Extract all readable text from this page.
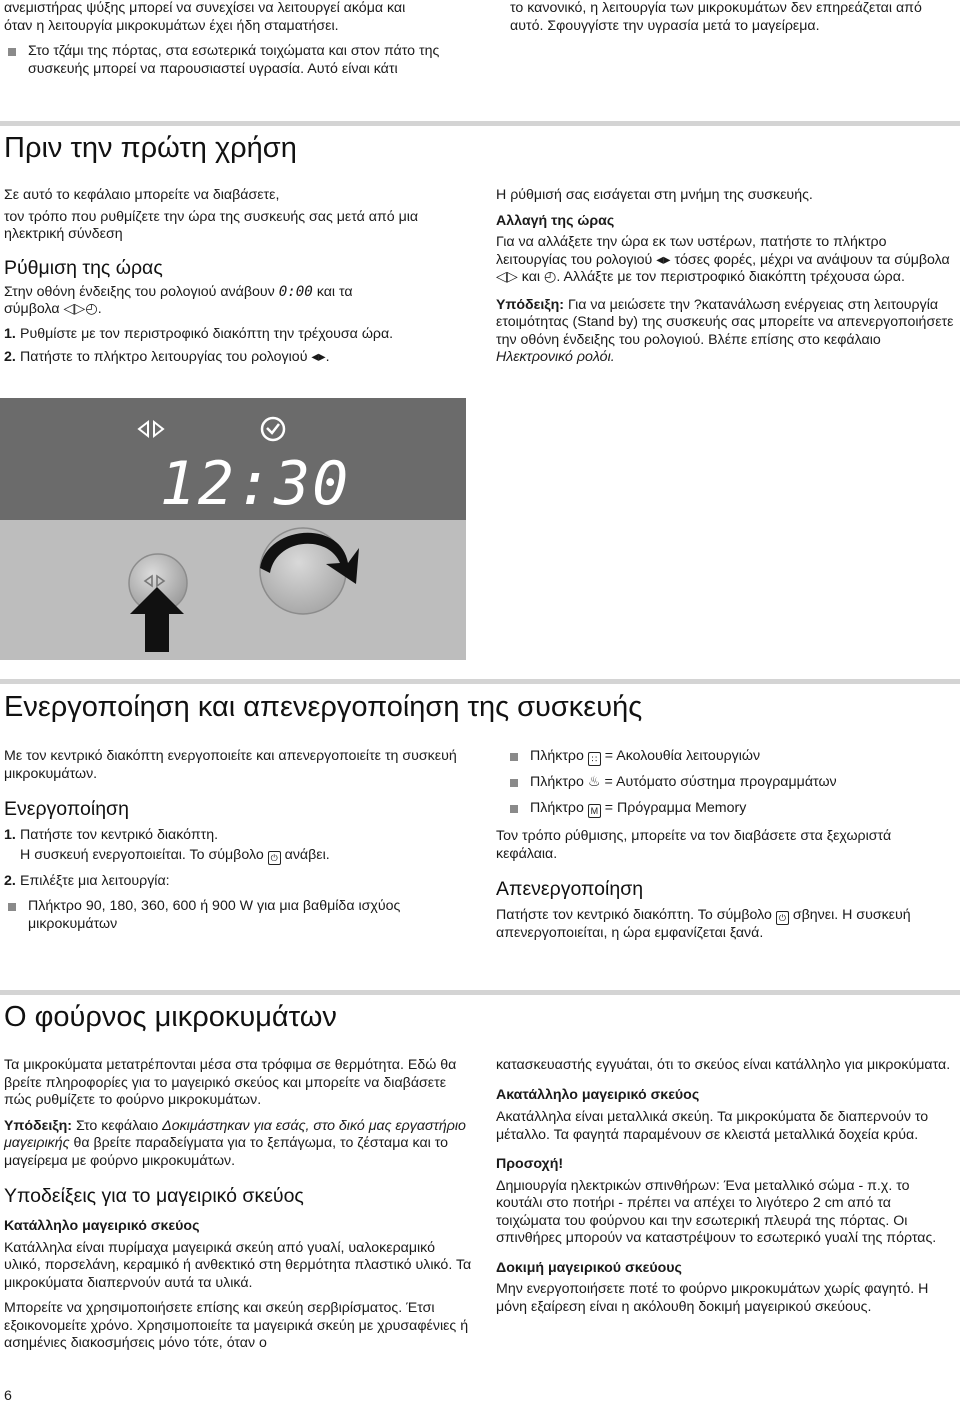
ανεμιστήρας ψύξης μπορεί να συνεχίσει να λειτουργεί ακόμα και

όταν η λειτουργία μικροκυμάτων έχει ήδη σταματήσει.

Στο τζάμι της πόρτας, στα εσωτερικά τοιχώματα και στον πάτο της συσκευής μπορεί να παρουσιαστεί υγρασία. Αυτό είναι κάτι

το κανονικό, η λειτουργία των μικροκυμάτων δεν επηρεάζεται από αυτό. Σφουγγίστε την υγρασία μετά το μαγείρεμα.

Πριν την πρώτη χρήση

Σε αυτό το κεφάλαιο μπορείτε να διαβάσετε,

τον τρόπο που ρυθμίζετε την ώρα της συσκευής σας μετά από μια ηλεκτρική σύνδεση

Ρύθμιση της ώρας

Στην οθόνη ένδειξης του ρολογιού ανάβουν 0:00 και τα
σύμβολα ◁▷◴.

1. Ρυθμίστε με τον περιστροφικό διακόπτη την τρέχουσα ώρα.

2. Πατήστε το πλήκτρο λειτουργίας του ρολογιού ◂▸.

Η ρύθμισή σας εισάγεται στη μνήμη της συσκευής.

Αλλαγή της ώρας

Για να αλλάξετε την ώρα εκ των υστέρων, πατήστε το πλήκτρο λειτουργίας του ρολογιού ◂▸ τόσες φορές, μέχρι να ανάψουν τα σύμβολα ◁▷ και ◴. Αλλάξτε με τον περιστροφικό διακόπτη τρέχουσα ώρα.

Υπόδειξη: Για να μειώσετε την ?κατανάλωση ενέργειας στη λειτουργία ετοιμότητας (Stand by) της συσκευής σας μπορείτε να απενεργοποιήσετε την οθόνη ένδειξης του ρολογιού. Βλέπε επίσης στο κεφάλαιο Ηλεκτρονικό ρολόι.

12:30
Ενεργοποίηση και απενεργοποίηση της συσκευής

Με τον κεντρικό διακόπτη ενεργοποιείτε και απενεργοποιείτε τη συσκευή μικροκυμάτων.

Ενεργοποίηση

1. Πατήστε τον κεντρικό διακόπτη.

Η συσκευή ενεργοποιείται. Το σύμβολο ⏻ ανάβει.

2. Επιλέξτε μια λειτουργία:

Πλήκτρο 90, 180, 360, 600 ή 900 W για μια βαθμίδα ισχύος μικροκυμάτων

Πλήκτρο ∷ = Ακολουθία λειτουργιών

Πλήκτρο ♨ = Αυτόματο σύστημα προγραμμάτων

Πλήκτρο M = Πρόγραμμα Memory

Τον τρόπο ρύθμισης, μπορείτε να τον διαβάσετε στα ξεχωριστά κεφάλαια.

Απενεργοποίηση

Πατήστε τον κεντρικό διακόπτη. Το σύμβολο ⏻ σβηνει. Η συσκευή απενεργοποιείται, η ώρα εμφανίζεται ξανά.

Ο φούρνος μικροκυμάτων

Τα μικροκύματα μετατρέπονται μέσα στα τρόφιμα σε θερμότητα. Εδώ θα βρείτε πληροφορίες για το μαγειρικό σκεύος και μπορείτε να διαβάσετε πώς ρυθμίζετε το φούρνο μικροκυμάτων.

Υπόδειξη: Στο κεφάλαιο Δοκιμάστηκαν για εσάς, στο δικό μας εργαστήριο μαγειρικής θα βρείτε παραδείγματα για το ξεπάγωμα, το ζέσταμα και το μαγείρεμα με φούρνο μικροκυμάτων.

Υποδείξεις για το μαγειρικό σκεύος

Κατάλληλο μαγειρικό σκεύος

Κατάλληλα είναι πυρίμαχα μαγειρικά σκεύη από γυαλί, υαλοκεραμικό υλικό, πορσελάνη, κεραμικό ή ανθεκτικό στη θερμότητα πλαστικό υλικό. Τα μικροκύματα διαπερνούν αυτά τα υλικά.

Μπορείτε να χρησιμοποιήσετε επίσης και σκεύη σερβιρίσματος. Έτσι εξοικονομείτε χρόνο. Χρησιμοποιείτε τα μαγειρικά σκεύη με χρυσαφένιες ή ασημένιες διακοσμήσεις μόνο τότε, όταν ο

κατασκευαστής εγγυάται, ότι το σκεύος είναι κατάλληλο για μικροκύματα.

Ακατάλληλο μαγειρικό σκεύος

Ακατάλληλα είναι μεταλλικά σκεύη. Τα μικροκύματα δε διαπερνούν το μέταλλο. Τα φαγητά παραμένουν σε κλειστά μεταλλικά δοχεία κρύα.

Προσοχή!

Δημιουργία ηλεκτρικών σπινθήρων: Ένα μεταλλικό σώμα - π.χ. το κουτάλι στο ποτήρι - πρέπει να απέχει το λιγότερο 2 cm από τα τοιχώματα του φούρνου και την εσωτερική πλευρά της πόρτας. Οι σπινθήρες μπορούν να καταστρέψουν το εσωτερικό γυαλί της πόρτας.

Δοκιμή μαγειρικού σκεύους

Μην ενεργοποιήσετε ποτέ το φούρνο μικροκυμάτων χωρίς φαγητό. Η μόνη εξαίρεση είναι η ακόλουθη δοκιμή μαγειρικού σκεύους.

6
